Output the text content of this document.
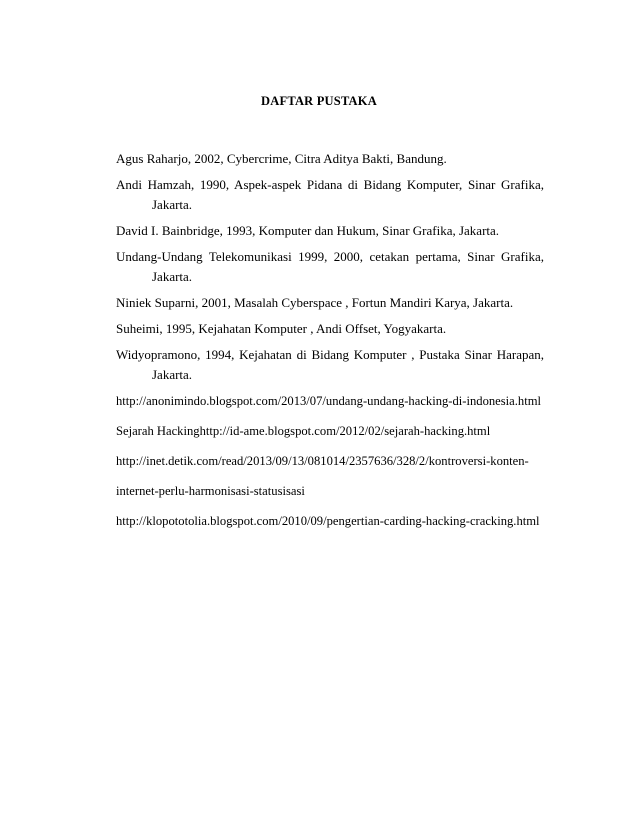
DAFTAR PUSTAKA
Agus Raharjo, 2002, Cybercrime, Citra Aditya Bakti, Bandung.
Andi Hamzah, 1990, Aspek-aspek Pidana di Bidang Komputer, Sinar Grafika, Jakarta.
David I. Bainbridge, 1993, Komputer dan Hukum, Sinar Grafika, Jakarta.
Undang-Undang Telekomunikasi 1999, 2000, cetakan pertama, Sinar Grafika, Jakarta.
Niniek Suparni, 2001, Masalah Cyberspace , Fortun Mandiri Karya, Jakarta.
Suheimi, 1995, Kejahatan Komputer , Andi Offset, Yogyakarta.
Widyopramono, 1994, Kejahatan di Bidang Komputer , Pustaka Sinar Harapan, Jakarta.
http://anonimindo.blogspot.com/2013/07/undang-undang-hacking-di-indonesia.html
Sejarah Hackinghttp://id-ame.blogspot.com/2012/02/sejarah-hacking.html
http://inet.detik.com/read/2013/09/13/081014/2357636/328/2/kontroversi-konten-
internet-perlu-harmonisasi-statusisasi
http://klopototolia.blogspot.com/2010/09/pengertian-carding-hacking-cracking.html
